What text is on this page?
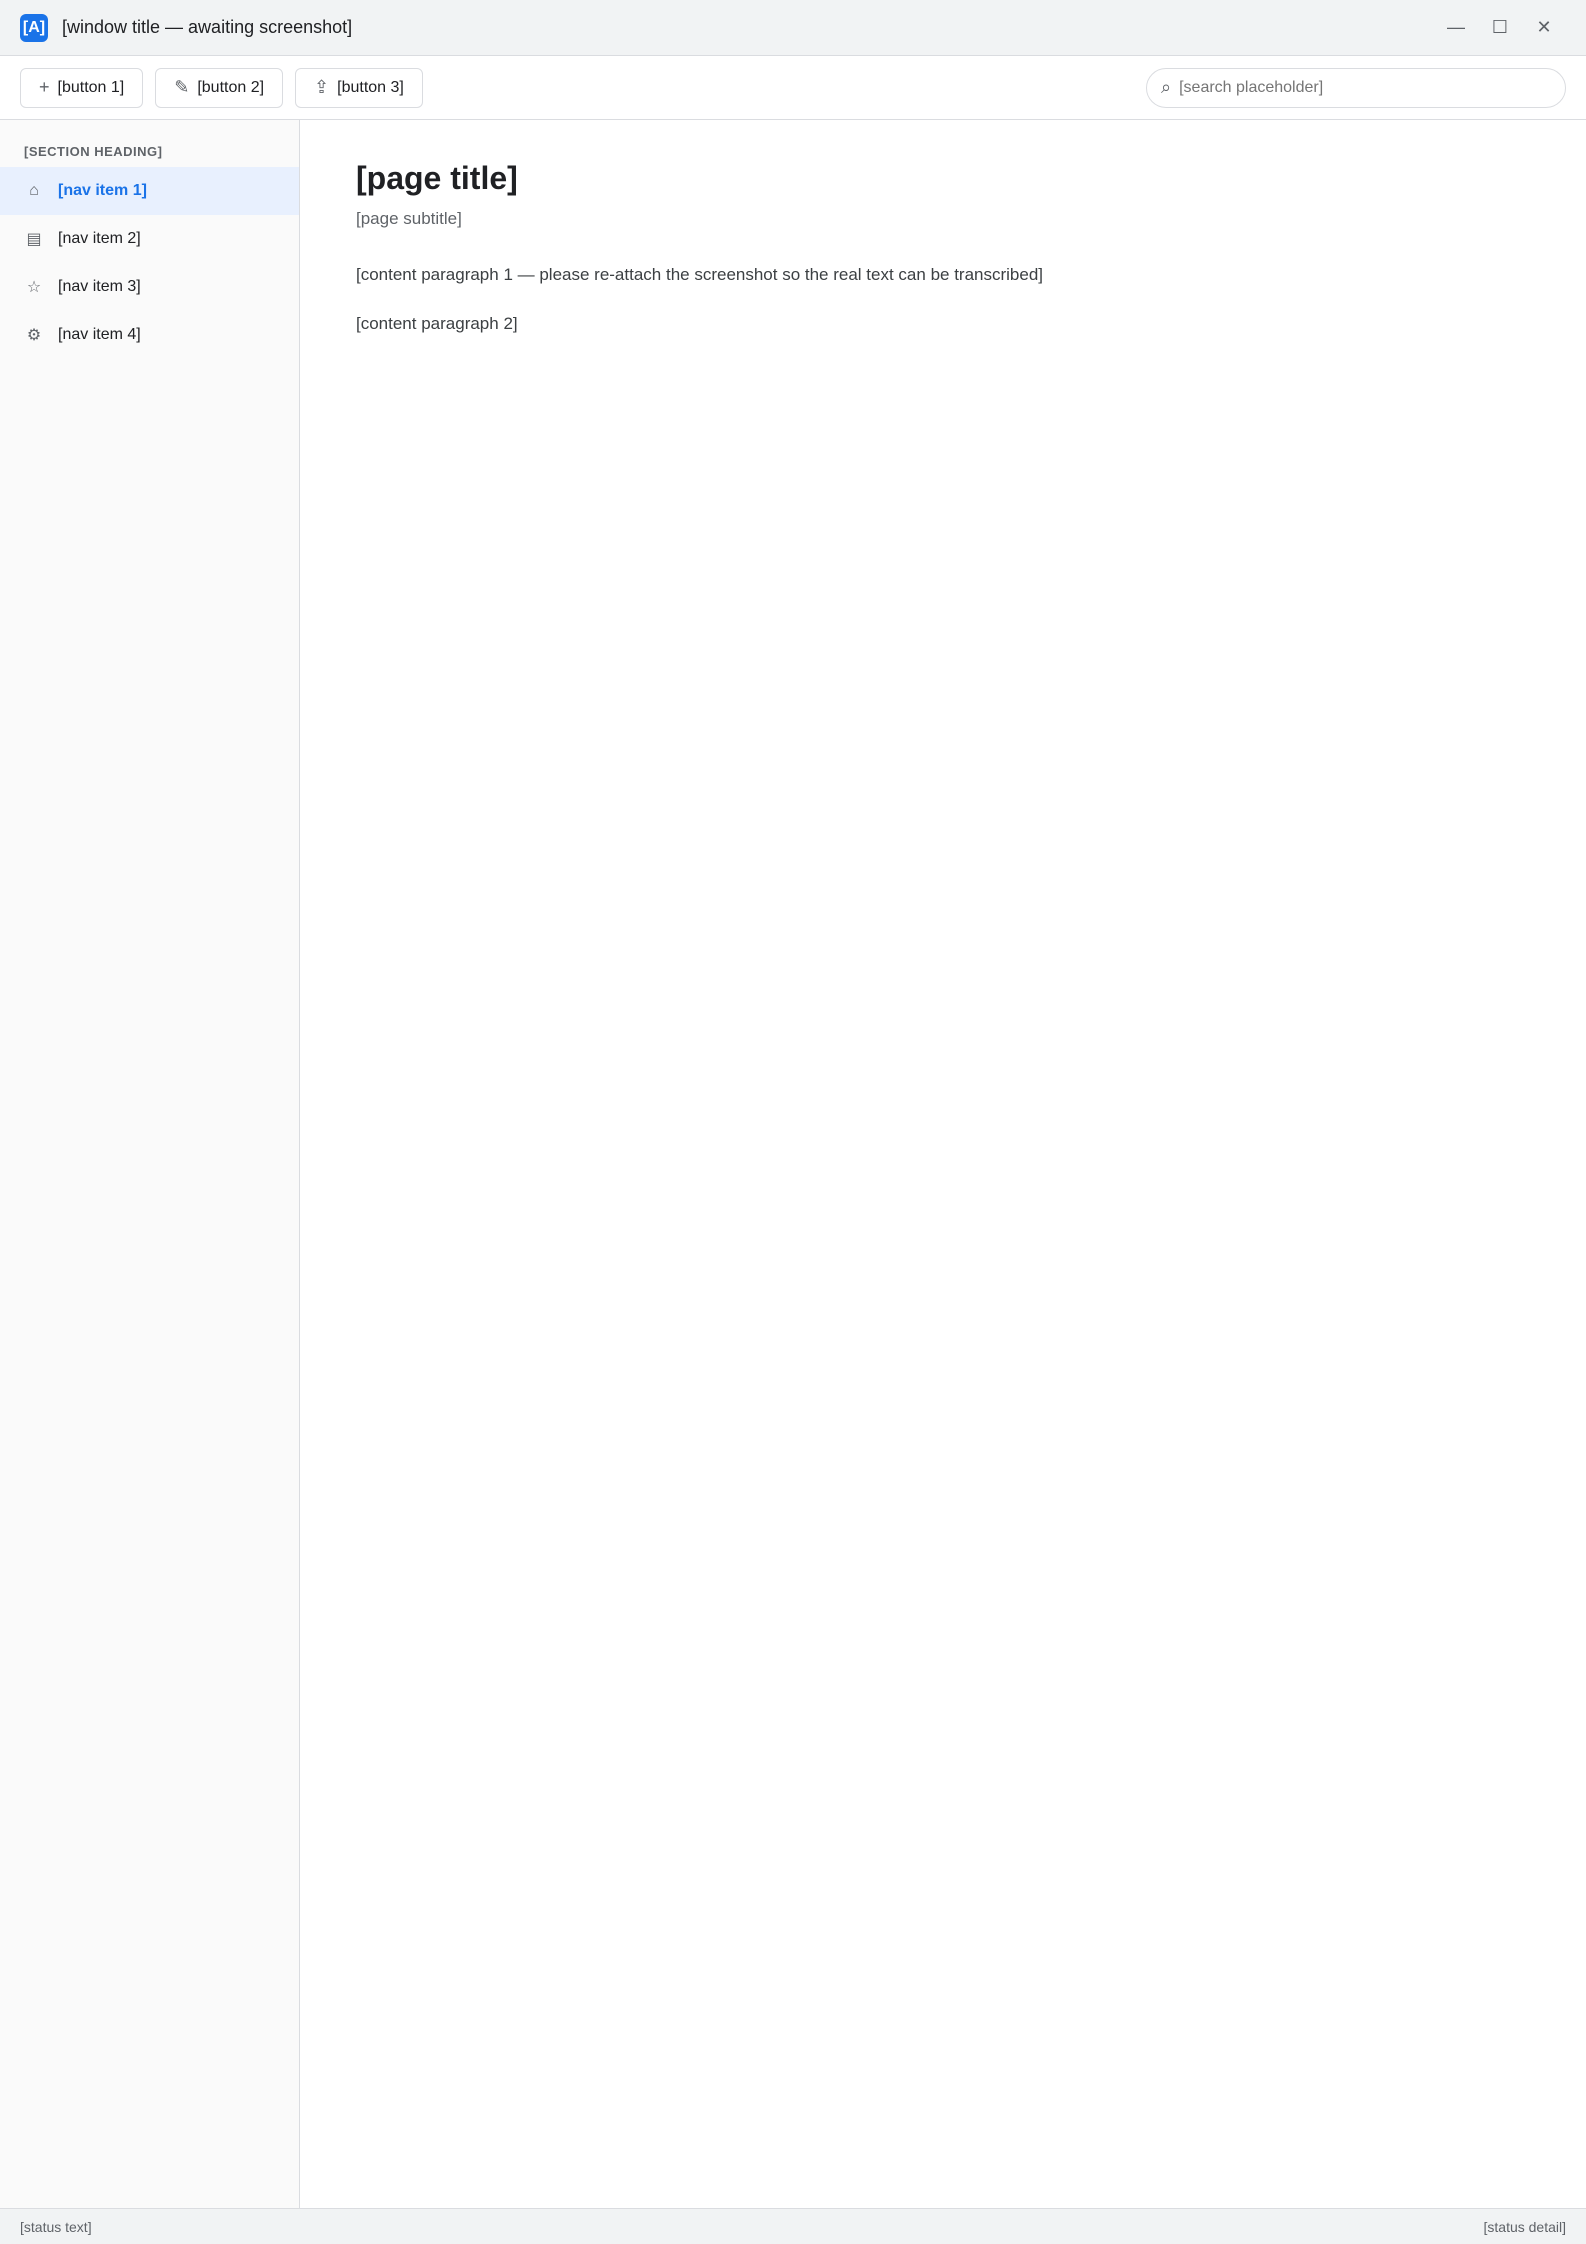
[A] [window title — awaiting screenshot]	—	☐	✕
+ [button 1]	✎ [button 2]	⇪ [button 3]	⌕
[search placeholder]
[SECTION HEADING]
⌂	[nav item 1]
▤ [nav item 2]
☆ [nav item 3]
⚙ [nav item 4]
[page title]

[page subtitle]

[content paragraph 1 — please re-attach the screenshot so the real text can be transcribed]

[content paragraph 2]

[status text]	[status detail]
